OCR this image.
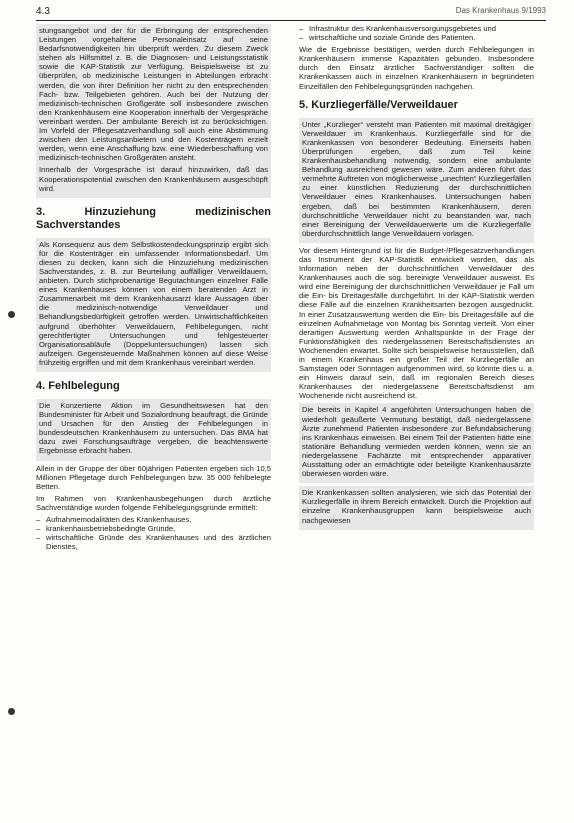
4.3	Das Krankenhaus 9/1993

stungsangebot und der für die Erbringung der entsprechenden Leistungen vorgehaltene Personaleinsatz auf seine Bedarfsnotwendigkeiten hin überprüft werden. Zu diesem Zweck stehen als Hilfsmittel z. B. die Diagnosen- und Leistungsstatistik sowie die KAP-Statistik zur Verfügung. Beispielsweise ist zu überprüfen, ob medizinische Leistungen in Abteilungen erbracht werden, die von ihrer Definition her nicht zu den entsprechenden Fach- bzw. Teilgebieten gehören. Auch bei der Nutzung der medizinisch-technischen Großgeräte soll insbesondere zwischen den Krankenhäusern eine Kooperation innerhalb der Vergespräche vereinbart werden. Der ambulante Bereich ist zu berücksichtigen. Im Vorfeld der Pflegesatzverhandlung soll auch eine Abstimmung zwischen den Leistungsanbietern und den Kostenträgern erzielt werden, wenn eine Anschaffung bzw. eine Wiederbeschaffung von medizinisch-technischen Großgeräten ansteht.

Innerhalb der Vorgespräche ist darauf hinzuwirken, daß das Kooperationspotential zwischen den Krankenhäusern ausgeschöpft wird.

3. Hinzuziehung medizinischen Sachverstandes

Als Konsequenz aus dem Selbstkostendeckungsprinzip ergibt sich für die Kostenträger ein umfassender Informationsbedarf. Um diesen zu decken, kann sich die Hinzuziehung medizinischen Sachverstandes, z. B. zur Beurteilung auffälliger Verweildauern, anbieten. Durch stichprobenartige Begutachtungen einzelner Fälle eines Krankenhauses können von einem beratenden Arzt in Zusammenarbeit mit dem Krankenhausarzt klare Aussagen über die medizinisch-notwendige Verweildauer und Behandlungsbedürftigkeit getroffen werden. Unwirtschaftlichkeiten aufgrund überhöhter Verweildauern, Fehlbelegungen, nicht gerechtfertigter Untersuchungen und fehlgesteuerter Organisationsabläufe (Doppeluntersuchungen) lassen sich aufzeigen. Gegensteuernde Maßnahmen können auf diese Weise frühzeitig ergriffen und mit dem Krankenhaus vereinbart werden.

4. Fehlbelegung

Die Konzertierte Aktion im Gesundheitswesen hat den Bundesminister für Arbeit und Sozialordnung beauftragt, die Gründe und Ursachen für den Anstieg der Fehlbelegungen in bundesdeutschen Krankenhäusern zu untersuchen. Das BMA hat dazu zwei Forschungsaufträge vergeben, die beachtenswerte Ergebnisse erbracht haben.

Allein in der Gruppe der über 60jährigen Patienten ergeben sich 10,5 Millionen Pflegetage durch Fehlbelegungen bzw. 35 000 fehlbelegte Betten.

Im Rahmen von Krankenhausbegehungen durch ärztliche Sachverständige wurden folgende Fehlbelegungsgründe ermittelt:

– Aufnahmemodalitäten des Krankenhauses,
– krankenhausbetriebsbedingte Gründe,
– wirtschaftliche Gründe des Krankenhauses und des ärztlichen Dienstes,
– Infrastruktur des Krankenhausversorgungsgebietes und
– wirtschaftliche und soziale Gründe des Patienten.

Wie die Ergebnisse bestätigen, werden durch Fehlbelegungen in Krankenhäusern immense Kapazitäten gebunden. Insbesondere durch den Einsatz ärztlicher Sachverständiger sollten die Krankenkassen auch in einzelnen Krankenhäusern in begründeten Einzelfällen den Fehlbelegungsgründen nachgehen.

5. Kurzliegerfälle/Verweildauer

Unter „Kurzlieger“ versteht man Patienten mit maximal dreitägiger Verweildauer im Krankenhaus. Kurzliegerfälle sind für die Krankenkassen von besonderer Bedeutung. Einerseits haben Überprüfungen ergeben, daß zum Teil keine Krankenhausbehandlung notwendig, sondern eine ambulante Behandlung ausreichend gewesen wäre. Zum anderen führt das vermehrte Auftreten von möglicherweise „unechten“ Kurzliegerfällen zu einer künstlichen Reduzierung der durchschnittlichen Verweildauer eines Krankenhauses. Untersuchungen haben ergeben, daß bei bestimmten Krankenhäusern, deren durchschnittliche Verweildauer nicht zu beanstanden war, nach einer Bereinigung der Verweildauerwerte um die Kurzliegerfälle überdurchschnittlich lange Verweildauern vorlagen.

Vor diesem Hintergrund ist für die Budget-/Pflegesatzverhandlungen das Instrument der KAP-Statistik entwickelt worden, das als Information neben der durchschnittlichen Verweildauer des Krankenhauses auch die sog. bereinigte Verweildauer ausweist. Es wird eine Bereinigung der durchschnittlichen Verweildauer je Fall um die Ein- bis Dreitagesfälle durchgeführt. In der KAP-Statistik werden diese Fälle auf die einzelnen Krankheitsarten bezogen ausgedruckt. In einer Zusatzauswertung werden die Ein- bis Dreitagesfälle auf die einzelnen Aufnahmetage von Montag bis Sonntag verteilt. Von einer derartigen Auswertung werden Anhaltspunkte in der Frage der Funktionsfähigkeit des niedergelassenen Bereitschaftsdienstes an Wochenenden erwartet. Sollte sich beispielsweise herausstellen, daß in einem Krankenhaus ein großer Teil der Kurzliegerfälle an Samstagen oder Sonntagen aufgenommen wird, so könnte dies u. a. ein Hinweis darauf sein, daß im regionalen Bereich dieses Krankenhauses der niedergelassene Bereitschaftsdienst am Wochenende nicht ausreichend ist.

Die bereits in Kapitel 4 angeführten Untersuchungen haben die wiederholt geäußerte Vermutung bestätigt, daß niedergelassene Ärzte zunehmend Patienten insbesondere zur Befundabsicherung ins Krankenhaus einweisen. Bei einem Teil der Patienten hätte eine stationäre Behandlung vermieden werden können, wenn sie an niedergelassene Fachärzte mit entsprechender apparativer Ausstattung oder an ermächtigte oder beteiligte Krankenhausärzte überwiesen worden wäre.

Die Krankenkassen sollten analysieren, wie sich das Potential der Kurzliegerfälle in ihrem Bereich entwickelt. Durch die Projektion auf einzelne Krankenhausgruppen kann beispielsweise auch nachgewiesen
